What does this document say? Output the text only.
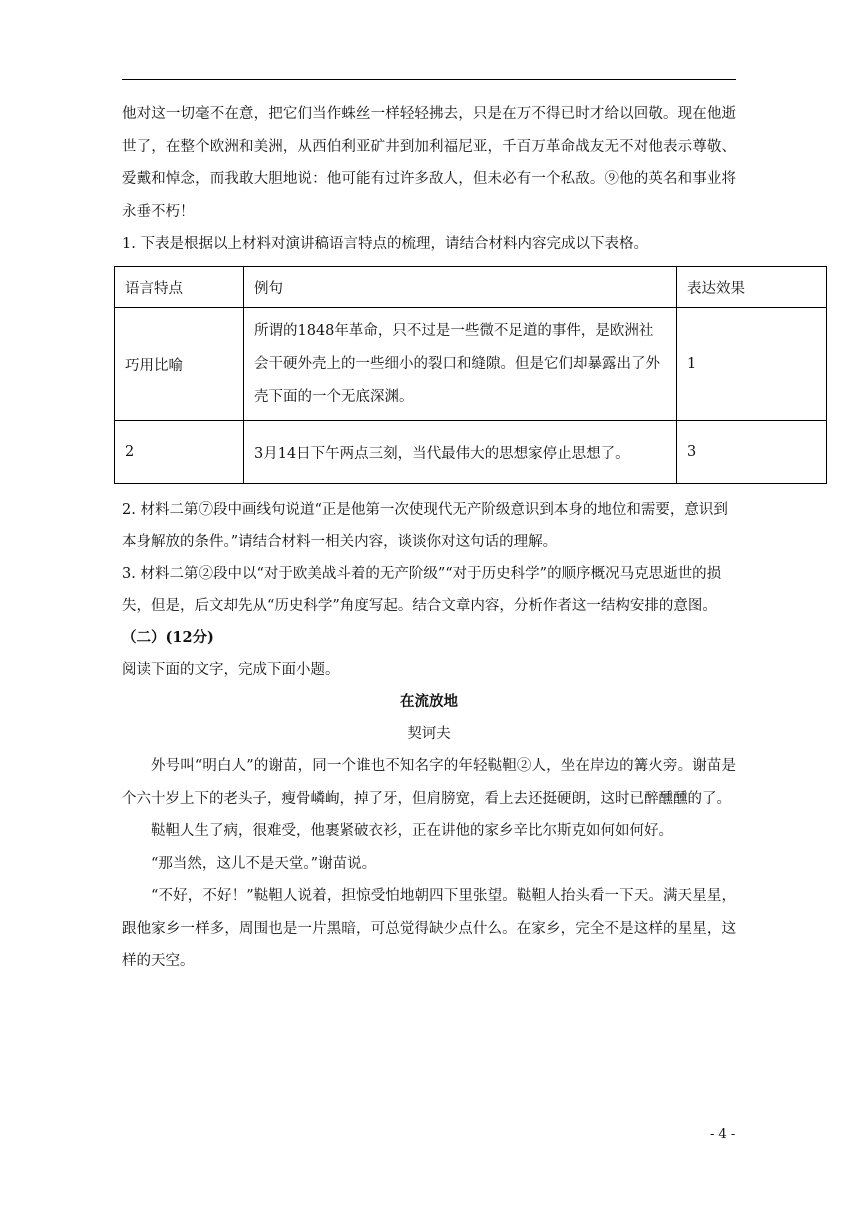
他对这一切毫不在意，把它们当作蛛丝一样轻轻拂去，只是在万不得已时才给以回敬。现在他逝世了，在整个欧洲和美洲，从西伯利亚矿井到加利福尼亚，千百万革命战友无不对他表示尊敬、爱戴和悼念，而我敢大胆地说：他可能有过许多敌人，但未必有一个私敌。⑨他的英名和事业将永垂不朽！

1. 下表是根据以上材料对演讲稿语言特点的梳理，请结合材料内容完成以下表格。

语言特点	例句	表达效果
巧用比喻	所谓的1848年革命，只不过是一些微不足道的事件，是欧洲社会干硬外壳上的一些细小的裂口和缝隙。但是它们却暴露出了外壳下面的一个无底深渊。	1
2	3月14日下午两点三刻，当代最伟大的思想家停止思想了。	3

2. 材料二第⑦段中画线句说道“正是他第一次使现代无产阶级意识到本身的地位和需要，意识到本身解放的条件。”请结合材料一相关内容，谈谈你对这句话的理解。

3. 材料二第②段中以“对于欧美战斗着的无产阶级”“对于历史科学”的顺序概况马克思逝世的损失，但是，后文却先从“历史科学”角度写起。结合文章内容，分析作者这一结构安排的意图。

（二）(12分)

阅读下面的文字，完成下面小题。

在流放地

契诃夫

外号叫“明白人”的谢苗，同一个谁也不知名字的年轻鞑靼②人，坐在岸边的篝火旁。谢苗是个六十岁上下的老头子，瘦骨嶙峋，掉了牙，但肩膀宽，看上去还挺硬朗，这时已醉醺醺的了。

鞑靼人生了病，很难受，他裹紧破衣衫，正在讲他的家乡辛比尔斯克如何如何好。

“那当然，这儿不是天堂。”谢苗说。

“不好，不好！”鞑靼人说着，担惊受怕地朝四下里张望。鞑靼人抬头看一下天。满天星星，跟他家乡一样多，周围也是一片黑暗，可总觉得缺少点什么。在家乡，完全不是这样的星星，这样的天空。

- 4 -
